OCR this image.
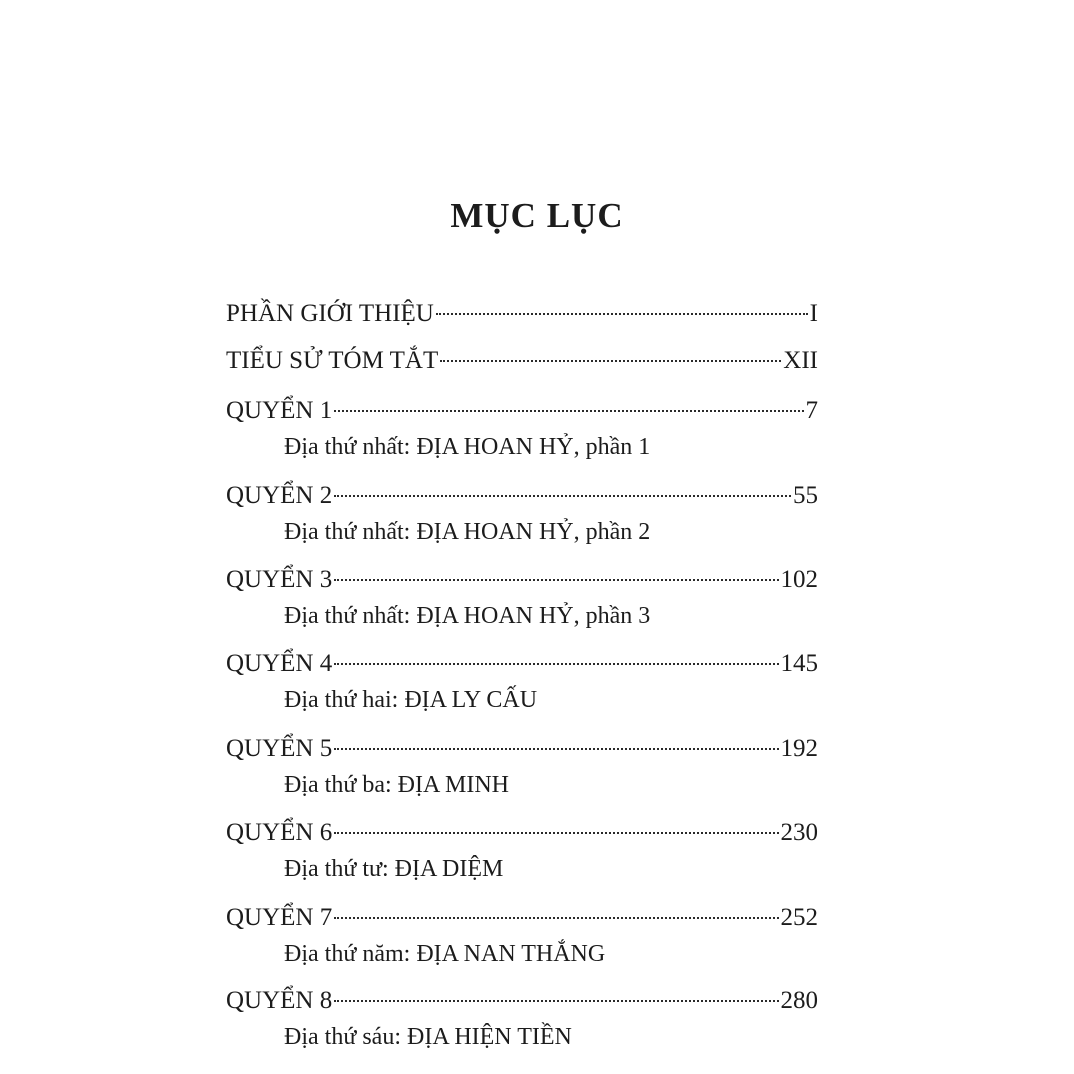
MỤC LỤC
PHẦN GIỚI THIỆU	I
TIỂU SỬ TÓM TẮT	XII
QUYỂN 1	7
Địa thứ nhất: ĐỊA HOAN HỶ, phần 1
QUYỂN 2	55
Địa thứ nhất: ĐỊA HOAN HỶ, phần 2
QUYỂN 3	102
Địa thứ nhất: ĐỊA HOAN HỶ, phần 3
QUYỂN 4	145
Địa thứ hai: ĐỊA LY CẤU
QUYỂN 5	192
Địa thứ ba: ĐỊA MINH
QUYỂN 6	230
Địa thứ tư: ĐỊA DIỆM
QUYỂN 7	252
Địa thứ năm: ĐỊA NAN THẮNG
QUYỂN 8	280
Địa thứ sáu: ĐỊA HIỆN TIỀN
